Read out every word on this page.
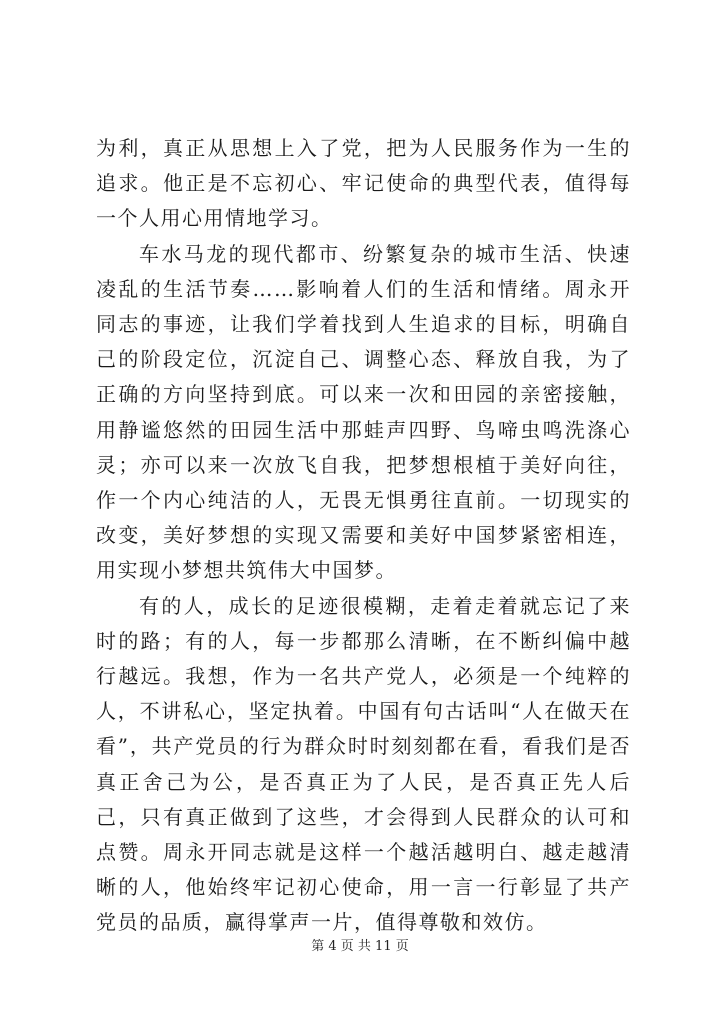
为利，真正从思想上入了党，把为人民服务作为一生的追求。他正是不忘初心、牢记使命的典型代表，值得每一个人用心用情地学习。

车水马龙的现代都市、纷繁复杂的城市生活、快速凌乱的生活节奏……影响着人们的生活和情绪。周永开同志的事迹，让我们学着找到人生追求的目标，明确自己的阶段定位，沉淀自己、调整心态、释放自我，为了正确的方向坚持到底。可以来一次和田园的亲密接触，用静谧悠然的田园生活中那蛙声四野、鸟啼虫鸣洗涤心灵；亦可以来一次放飞自我，把梦想根植于美好向往，作一个内心纯洁的人，无畏无惧勇往直前。一切现实的改变，美好梦想的实现又需要和美好中国梦紧密相连，用实现小梦想共筑伟大中国梦。

有的人，成长的足迹很模糊，走着走着就忘记了来时的路；有的人，每一步都那么清晰，在不断纠偏中越行越远。我想，作为一名共产党人，必须是一个纯粹的人，不讲私心，坚定执着。中国有句古话叫“人在做天在看”，共产党员的行为群众时时刻刻都在看，看我们是否真正舍己为公，是否真正为了人民，是否真正先人后己，只有真正做到了这些，才会得到人民群众的认可和点赞。周永开同志就是这样一个越活越明白、越走越清晰的人，他始终牢记初心使命，用一言一行彰显了共产党员的品质，赢得掌声一片，值得尊敬和效仿。

第 4 页 共 11 页
